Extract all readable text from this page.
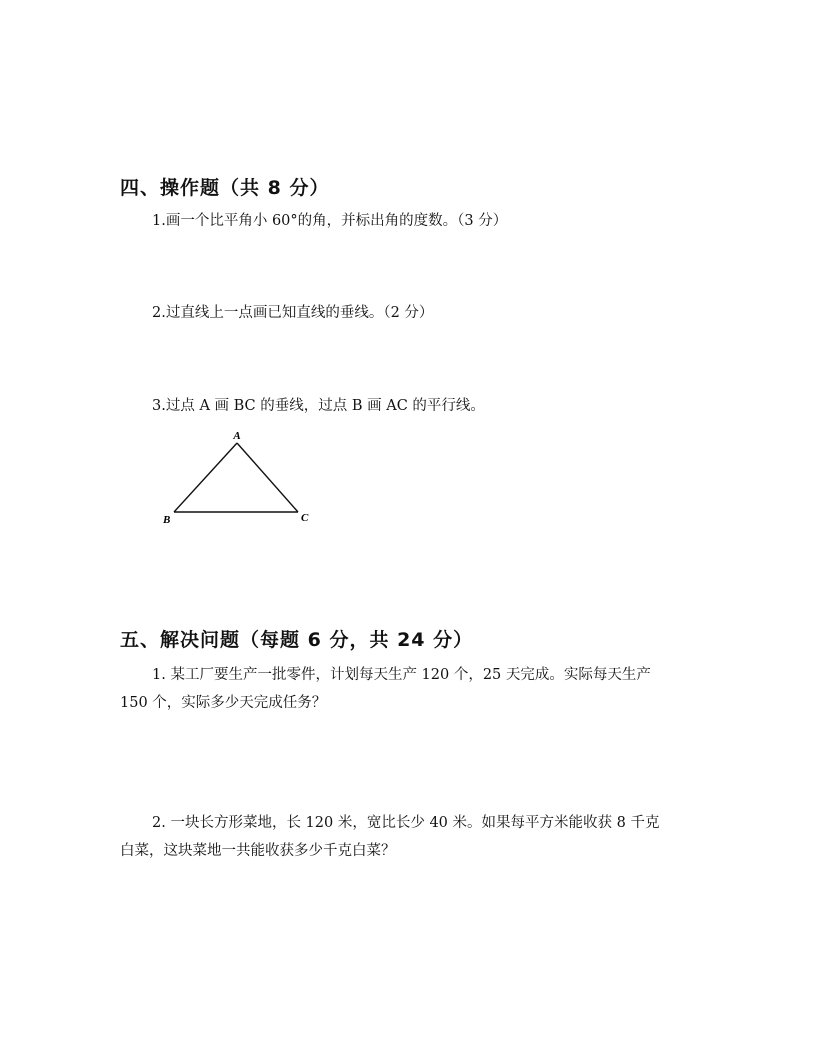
四、操作题（共 8 分）
1.画一个比平角小 60°的角，并标出角的度数。（3 分）
2.过直线上一点画已知直线的垂线。（2 分）
3.过点 A 画 BC 的垂线，过点 B 画 AC 的平行线。
A
B	C
五、解决问题（每题 6 分，共 24 分）
1. 某工厂要生产一批零件，计划每天生产 120 个，25 天完成。实际每天生产
150 个，实际多少天完成任务？
2. 一块长方形菜地，长 120 米，宽比长少 40 米。如果每平方米能收获 8 千克
白菜，这块菜地一共能收获多少千克白菜？
